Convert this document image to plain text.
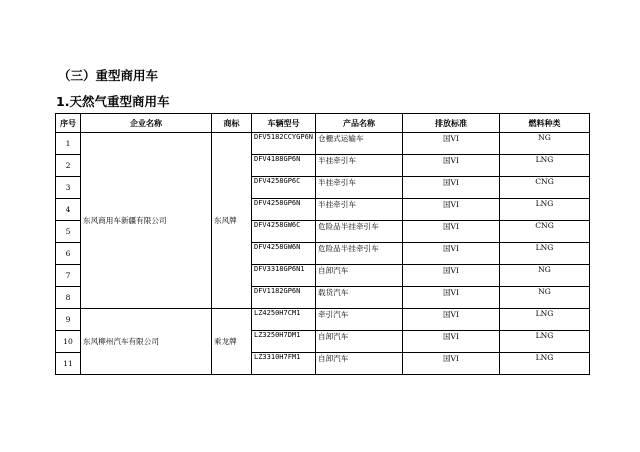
（三）重型商用车
1.天然气重型商用车
序号	企业名称	商标	车辆型号	产品名称	排放标准	燃料种类
1	东风商用车新疆有限公司	东风牌	DFV5182CCYGP6N	仓栅式运输车	国VI	NG
2			DFV4188GP6N	半挂牵引车	国VI	LNG
3			DFV4258GP6C	半挂牵引车	国VI	CNG
4			DFV4258GP6N	半挂牵引车	国VI	LNG
5			DFV4258GW6C	危险品半挂牵引车	国VI	CNG
6			DFV4258GW6N	危险品半挂牵引车	国VI	LNG
7			DFV3318GP6N1	自卸汽车	国VI	NG
8			DFV1182GP6N	载货汽车	国VI	NG
9	东风柳州汽车有限公司	乘龙牌	LZ4250H7CM1	牵引汽车	国VI	LNG
10			LZ3250H7DM1	自卸汽车	国VI	LNG
11			LZ3310H7FM1	自卸汽车	国VI	LNG
